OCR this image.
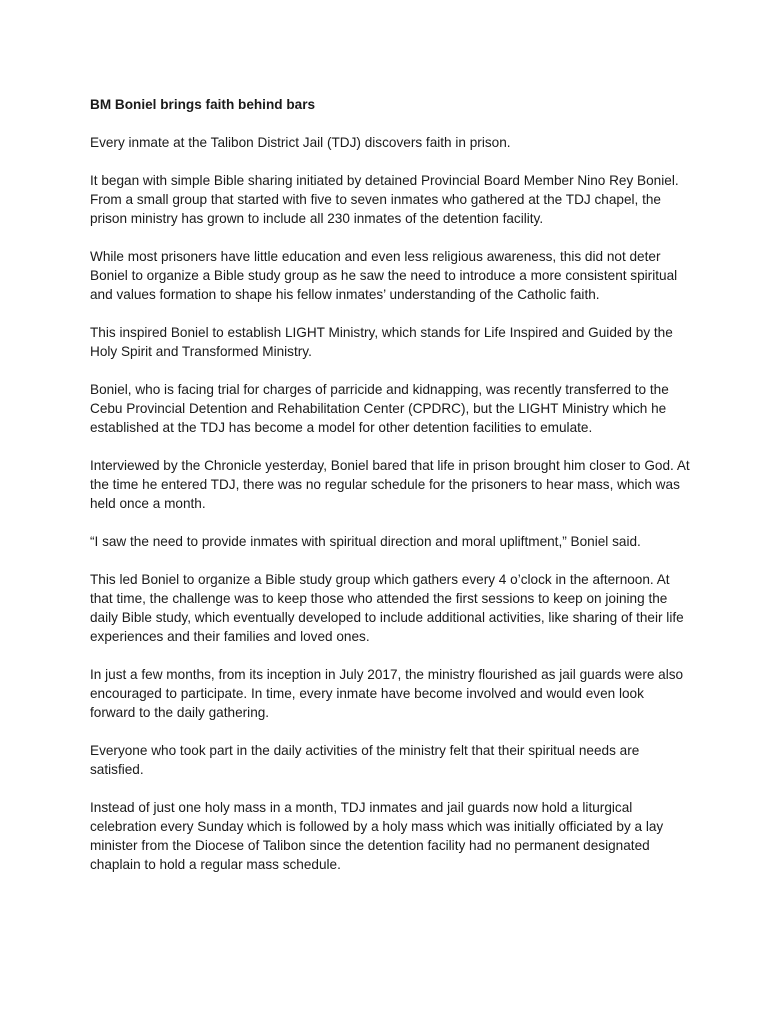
BM Boniel brings faith behind bars

Every inmate at the Talibon District Jail (TDJ) discovers faith in prison.

It began with simple Bible sharing initiated by detained Provincial Board Member Nino Rey Boniel. From a small group that started with five to seven inmates who gathered at the TDJ chapel, the prison ministry has grown to include all 230 inmates of the detention facility.

While most prisoners have little education and even less religious awareness, this did not deter Boniel to organize a Bible study group as he saw the need to introduce a more consistent spiritual and values formation to shape his fellow inmates’ understanding of the Catholic faith.

This inspired Boniel to establish LIGHT Ministry, which stands for Life Inspired and Guided by the Holy Spirit and Transformed Ministry.

Boniel, who is facing trial for charges of parricide and kidnapping, was recently transferred to the Cebu Provincial Detention and Rehabilitation Center (CPDRC), but the LIGHT Ministry which he established at the TDJ has become a model for other detention facilities to emulate.

Interviewed by the Chronicle yesterday, Boniel bared that life in prison brought him closer to God. At the time he entered TDJ, there was no regular schedule for the prisoners to hear mass, which was held once a month.

“I saw the need to provide inmates with spiritual direction and moral upliftment,” Boniel said.

This led Boniel to organize a Bible study group which gathers every 4 o’clock in the afternoon. At that time, the challenge was to keep those who attended the first sessions to keep on joining the daily Bible study, which eventually developed to include additional activities, like sharing of their life experiences and their families and loved ones.

In just a few months, from its inception in July 2017, the ministry flourished as jail guards were also encouraged to participate. In time, every inmate have become involved and would even look forward to the daily gathering.

Everyone who took part in the daily activities of the ministry felt that their spiritual needs are satisfied.

Instead of just one holy mass in a month, TDJ inmates and jail guards now hold a liturgical celebration every Sunday which is followed by a holy mass which was initially officiated by a lay minister from the Diocese of Talibon since the detention facility had no permanent designated chaplain to hold a regular mass schedule.
